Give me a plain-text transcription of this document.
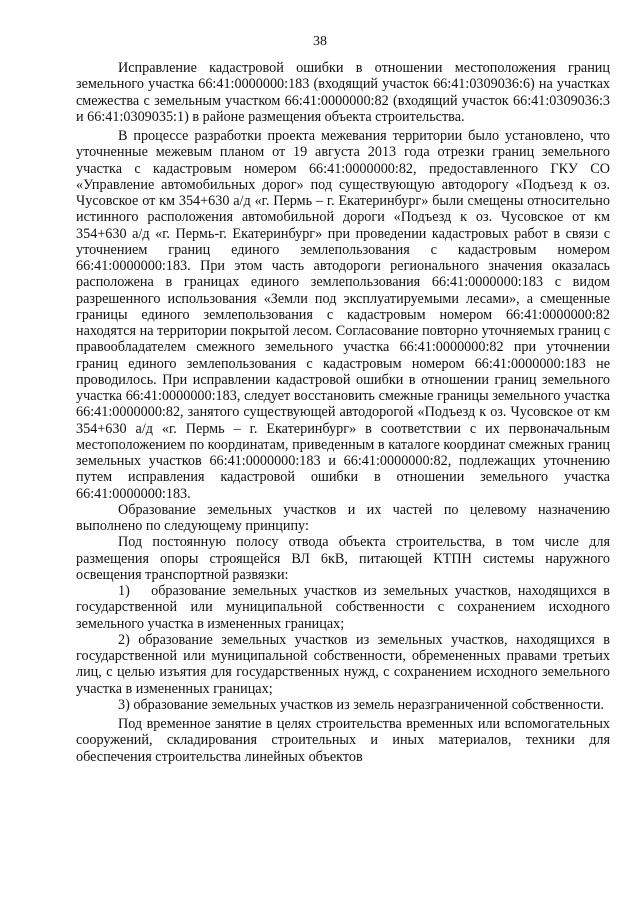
38

Исправление кадастровой ошибки в отношении местоположения границ земельного участка 66:41:0000000:183 (входящий участок 66:41:0309036:6) на участках смежества с земельным участком 66:41:0000000:82 (входящий участок 66:41:0309036:3 и 66:41:0309035:1) в районе размещения объекта строительства.

В процессе разработки проекта межевания территории было установлено, что уточненные межевым планом от 19 августа 2013 года отрезки границ земельного участка с кадастровым номером 66:41:0000000:82, предоставленного ГКУ СО «Управление автомобильных дорог» под существующую автодорогу «Подъезд к оз. Чусовское от км 354+630 а/д «г. Пермь – г. Екатеринбург» были смещены относительно истинного расположения автомобильной дороги «Подъезд к оз. Чусовское от км 354+630 а/д «г. Пермь-г. Екатеринбург» при проведении кадастровых работ в связи с уточнением границ единого землепользования с кадастровым номером 66:41:0000000:183. При этом часть автодороги регионального значения оказалась расположена в границах единого землепользования 66:41:0000000:183 с видом разрешенного использования «Земли под эксплуатируемыми лесами», а смещенные границы единого землепользования с кадастровым номером 66:41:0000000:82 находятся на территории покрытой лесом. Согласование повторно уточняемых границ с правообладателем смежного земельного участка 66:41:0000000:82 при уточнении границ единого землепользования с кадастровым номером 66:41:0000000:183 не проводилось. При исправлении кадастровой ошибки в отношении границ земельного участка 66:41:0000000:183, следует восстановить смежные границы земельного участка 66:41:0000000:82, занятого существующей автодорогой «Подъезд к оз. Чусовское от км 354+630 а/д «г. Пермь – г. Екатеринбург» в соответствии с их первоначальным местоположением по координатам, приведенным в каталоге координат смежных границ земельных участков 66:41:0000000:183 и 66:41:0000000:82, подлежащих уточнению путем исправления кадастровой ошибки в отношении земельного участка 66:41:0000000:183.

Образование земельных участков и их частей по целевому назначению выполнено по следующему принципу:

Под постоянную полосу отвода объекта строительства, в том числе для размещения опоры строящейся ВЛ 6кВ, питающей КТПН системы наружного освещения транспортной развязки:

1)  образование земельных участков из земельных участков, находящихся в государственной или муниципальной собственности с сохранением исходного земельного участка в измененных границах;

2) образование земельных участков из земельных участков, находящихся в государственной или муниципальной собственности, обремененных правами третьих лиц, с целью изъятия для государственных нужд, с сохранением исходного земельного участка в измененных границах;

3) образование земельных участков из земель неразграниченной собственности.

Под временное занятие в целях строительства временных или вспомогательных сооружений, складирования строительных и иных материалов, техники для обеспечения строительства линейных объектов
